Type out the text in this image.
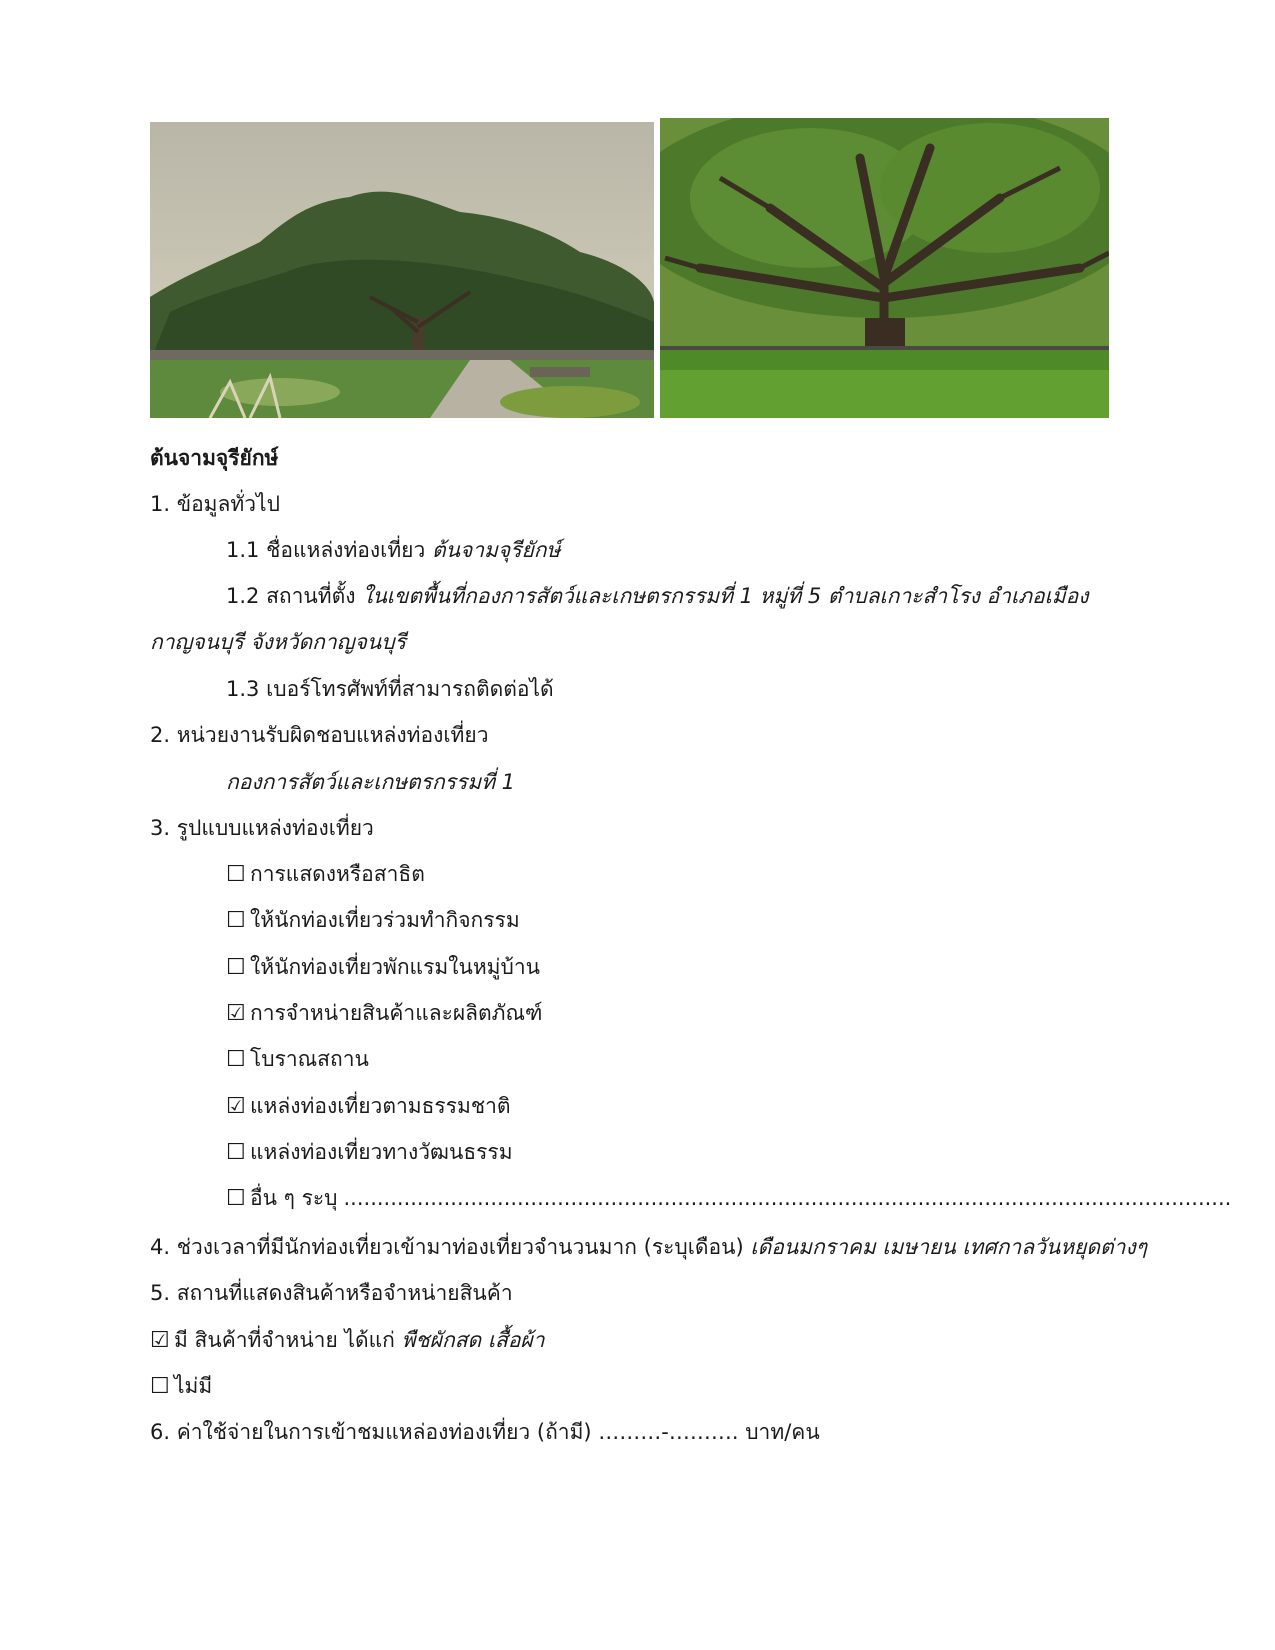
ต้นจามจุรียักษ์
1. ข้อมูลทั่วไป
1.1 ชื่อแหล่งท่องเที่ยว ต้นจามจุรียักษ์
1.2 สถานที่ตั้ง ในเขตพื้นที่กองการสัตว์และเกษตรกรรมที่ 1 หมู่ที่ 5 ตำบลเกาะสำโรง อำเภอเมือง
กาญจนบุรี จังหวัดกาญจนบุรี
1.3 เบอร์โทรศัพท์ที่สามารถติดต่อได้
2. หน่วยงานรับผิดชอบแหล่งท่องเที่ยว
กองการสัตว์และเกษตรกรรมที่ 1
3. รูปแบบแหล่งท่องเที่ยว
☐ การแสดงหรือสาธิต
☐ ให้นักท่องเที่ยวร่วมทำกิจกรรม
☐ ให้นักท่องเที่ยวพักแรมในหมู่บ้าน
☑ การจำหน่ายสินค้าและผลิตภัณฑ์
☐ โบราณสถาน
☑ แหล่งท่องเที่ยวตามธรรมชาติ
☐ แหล่งท่องเที่ยวทางวัฒนธรรม
☐ อื่น ๆ ระบุ .....................................................................................................................................
4. ช่วงเวลาที่มีนักท่องเที่ยวเข้ามาท่องเที่ยวจำนวนมาก (ระบุเดือน) เดือนมกราคม เมษายน เทศกาลวันหยุดต่างๆ
5. สถานที่แสดงสินค้าหรือจำหน่ายสินค้า
☑ มี สินค้าที่จำหน่าย ได้แก่ พืชผักสด เสื้อผ้า
☐ ไม่มี
6. ค่าใช้จ่ายในการเข้าชมแหล่องท่องเที่ยว (ถ้ามี) ………-………. บาท/คน
